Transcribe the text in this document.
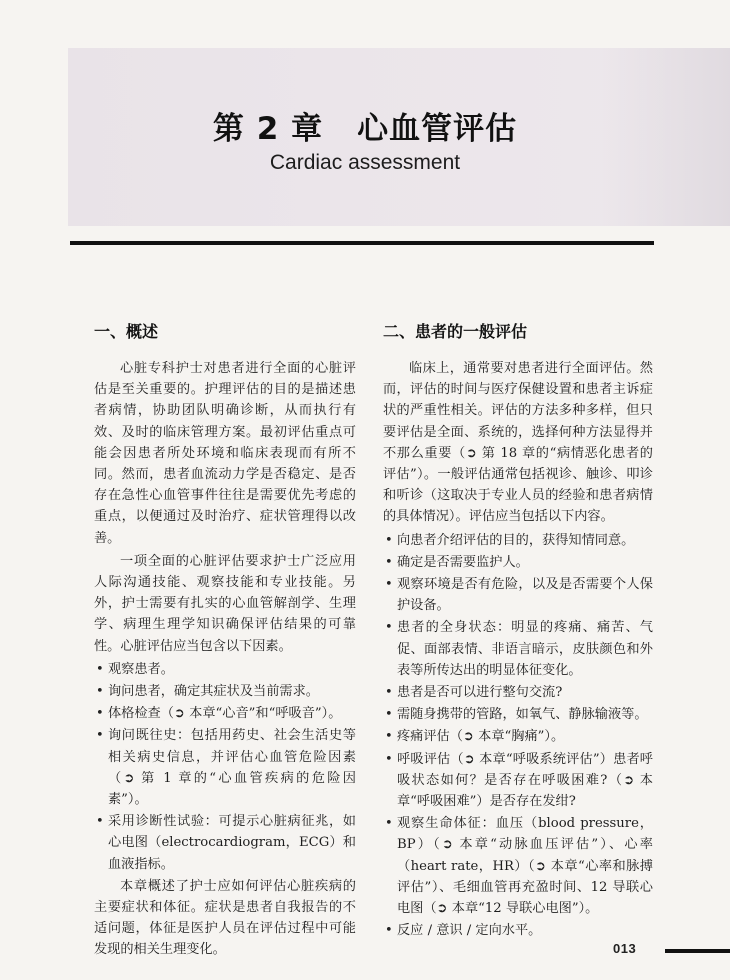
第 2 章 心血管评估
Cardiac assessment
一、概述

心脏专科护士对患者进行全面的心脏评估是至关重要的。护理评估的目的是描述患者病情，协助团队明确诊断，从而执行有效、及时的临床管理方案。最初评估重点可能会因患者所处环境和临床表现而有所不同。然而，患者血流动力学是否稳定、是否存在急性心血管事件往往是需要优先考虑的重点，以便通过及时治疗、症状管理得以改善。

一项全面的心脏评估要求护士广泛应用人际沟通技能、观察技能和专业技能。另外，护士需要有扎实的心血管解剖学、生理学、病理生理学知识确保评估结果的可靠性。心脏评估应当包含以下因素。

• 观察患者。
• 询问患者，确定其症状及当前需求。
• 体格检查（➲ 本章“心音”和“呼吸音”）。
• 询问既往史：包括用药史、社会生活史等相关病史信息，并评估心血管危险因素（➲ 第 1 章的“心血管疾病的危险因素”）。
• 采用诊断性试验：可提示心脏病征兆，如心电图（electrocardiogram，ECG）和血液指标。

本章概述了护士应如何评估心脏疾病的主要症状和体征。症状是患者自我报告的不适问题，体征是医护人员在评估过程中可能发现的相关生理变化。

二、患者的一般评估

临床上，通常要对患者进行全面评估。然而，评估的时间与医疗保健设置和患者主诉症状的严重性相关。评估的方法多种多样，但只要评估是全面、系统的，选择何种方法显得并不那么重要（➲ 第 18 章的“病情恶化患者的评估”）。一般评估通常包括视诊、触诊、叩诊和听诊（这取决于专业人员的经验和患者病情的具体情况）。评估应当包括以下内容。

• 向患者介绍评估的目的，获得知情同意。
• 确定是否需要监护人。
• 观察环境是否有危险，以及是否需要个人保护设备。
• 患者的全身状态：明显的疼痛、痛苦、气促、面部表情、非语言暗示，皮肤颜色和外表等所传达出的明显体征变化。
• 患者是否可以进行整句交流?
• 需随身携带的管路，如氧气、静脉输液等。
• 疼痛评估（➲ 本章“胸痛”）。
• 呼吸评估（➲ 本章“呼吸系统评估”）患者呼吸状态如何？是否存在呼吸困难?（➲ 本章“呼吸困难”）是否存在发绀?
• 观察生命体征：血压（blood pressure，BP）（➲ 本章“动脉血压评估”）、心率（heart rate，HR）（➲ 本章“心率和脉搏评估”）、毛细血管再充盈时间、12 导联心电图（➲ 本章“12 导联心电图”）。
• 反应 / 意识 / 定向水平。
013
